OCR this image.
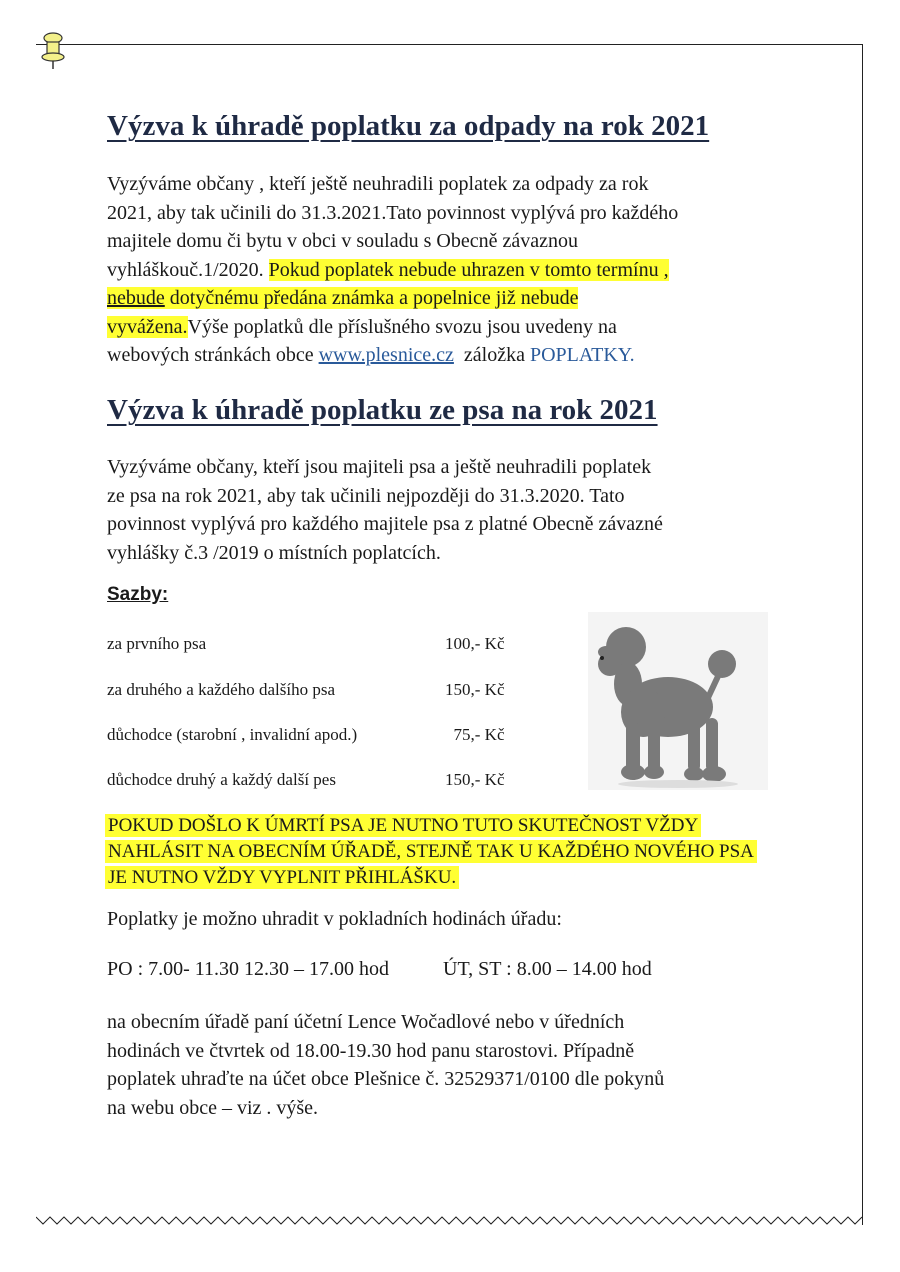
Výzva k úhradě poplatku za odpady na rok 2021
Vyzýváme občany , kteří ještě neuhradili poplatek za odpady za rok
2021, aby tak učinili do 31.3.2021.Tato povinnost vyplývá pro každého
majitele domu či bytu v obci v souladu s Obecně závaznou
vyhláškouč.1/2020. Pokud poplatek nebude uhrazen v tomto termínu ,
nebude dotyčnému předána známka a popelnice již nebude
vyvážena.Výše poplatků dle příslušného svozu jsou uvedeny na
webových stránkách obce www.plesnice.cz  záložka POPLATKY.
Výzva k úhradě poplatku ze psa na rok 2021
Vyzýváme občany, kteří jsou majiteli psa a ještě neuhradili poplatek
ze psa na rok 2021, aby tak učinili nejpozději do 31.3.2020. Tato
povinnost vyplývá pro každého majitele psa z platné Obecně závazné
vyhlášky č.3 /2019 o místních poplatcích.
Sazby:
za prvního psa	100,- Kč
za druhého a každého dalšího psa	150,- Kč
důchodce (starobní , invalidní apod.)	75,- Kč
důchodce druhý a každý další pes	150,- Kč
POKUD DOŠLO K ÚMRTÍ PSA JE NUTNO TUTO SKUTEČNOST VŽDY
NAHLÁSIT NA OBECNÍM ÚŘADĚ, STEJNĚ TAK U KAŽDÉHO NOVÉHO PSA
JE NUTNO VŽDY VYPLNIT PŘIHLÁŠKU.
Poplatky je možno uhradit v pokladních hodinách úřadu:
PO : 7.00- 11.30 12.30 – 17.00 hod	ÚT, ST : 8.00 – 14.00 hod
na obecním úřadě paní účetní Lence Wočadlové nebo v úředních
hodinách ve čtvrtek od 18.00-19.30 hod panu starostovi. Případně
poplatek uhraďte na účet obce Plešnice č. 32529371/0100 dle pokynů
na webu obce – viz . výše.
